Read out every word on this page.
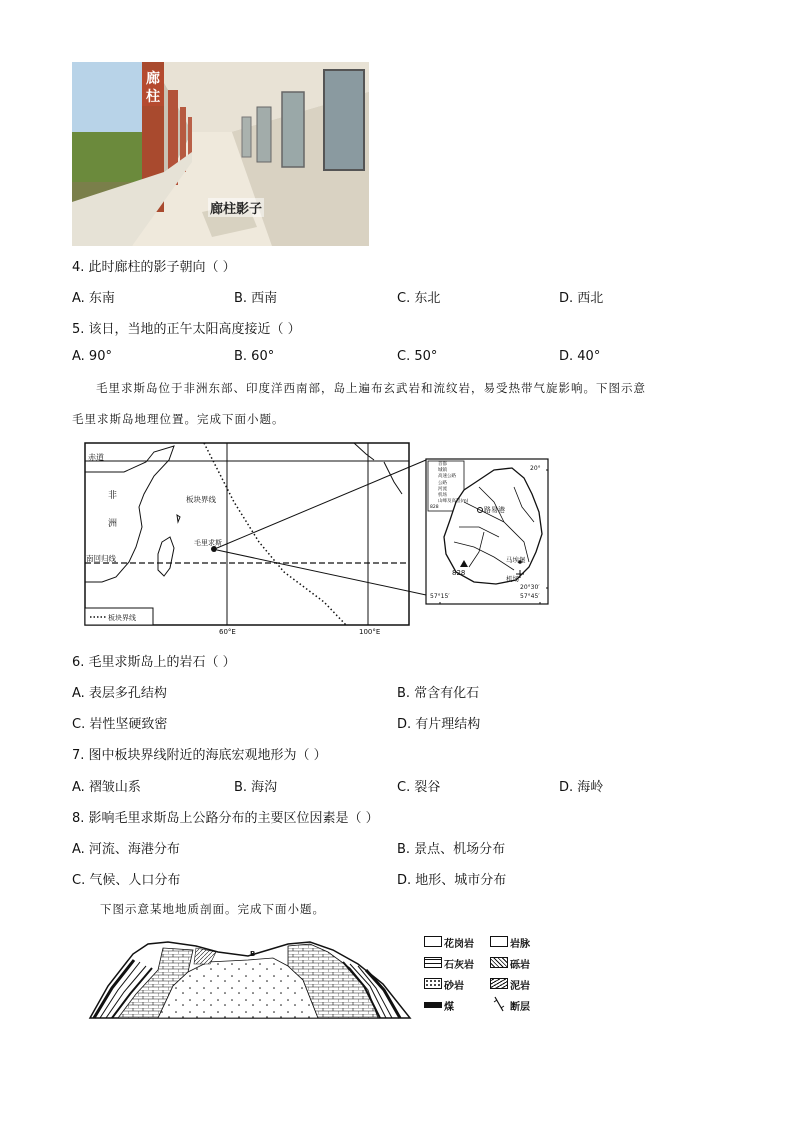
廊
柱
廊柱影子
4. 此时廊柱的影子朝向（ ）
A. 东南	B. 西南	C. 东北	D. 西北
5. 该日，当地的正午太阳高度接近（ ）
A. 90°	B. 60°	C. 50°	D. 40°
毛里求斯岛位于非洲东部、印度洋西南部，岛上遍布玄武岩和流纹岩，易受热带气旋影响。下图示意
毛里求斯岛地理位置。完成下面小题。
赤道
非
洲
板块界线
南回归线
毛里求斯
60°E	100°E
板块界线
首都
城镇
高速公路
公路
河流
机场
山峰及高程(m)
828	路易港
828
马埃堡
机场
20°
20°30′
57°15′	57°45′
6. 毛里求斯岛上的岩石（ ）
A. 表层多孔结构	B. 常含有化石
C. 岩性坚硬致密	D. 有片理结构
7. 图中板块界线附近的海底宏观地形为（ ）
A. 褶皱山系	B. 海沟	C. 裂谷	D. 海岭
8. 影响毛里求斯岛上公路分布的主要区位因素是（ ）
A. 河流、海港分布	B. 景点、机场分布
C. 气候、人口分布	D. 地形、城市分布
下图示意某地地质剖面。完成下面小题。
B
花岗岩	岩脉
石灰岩	砾岩
砂岩	泥岩
煤	断层
